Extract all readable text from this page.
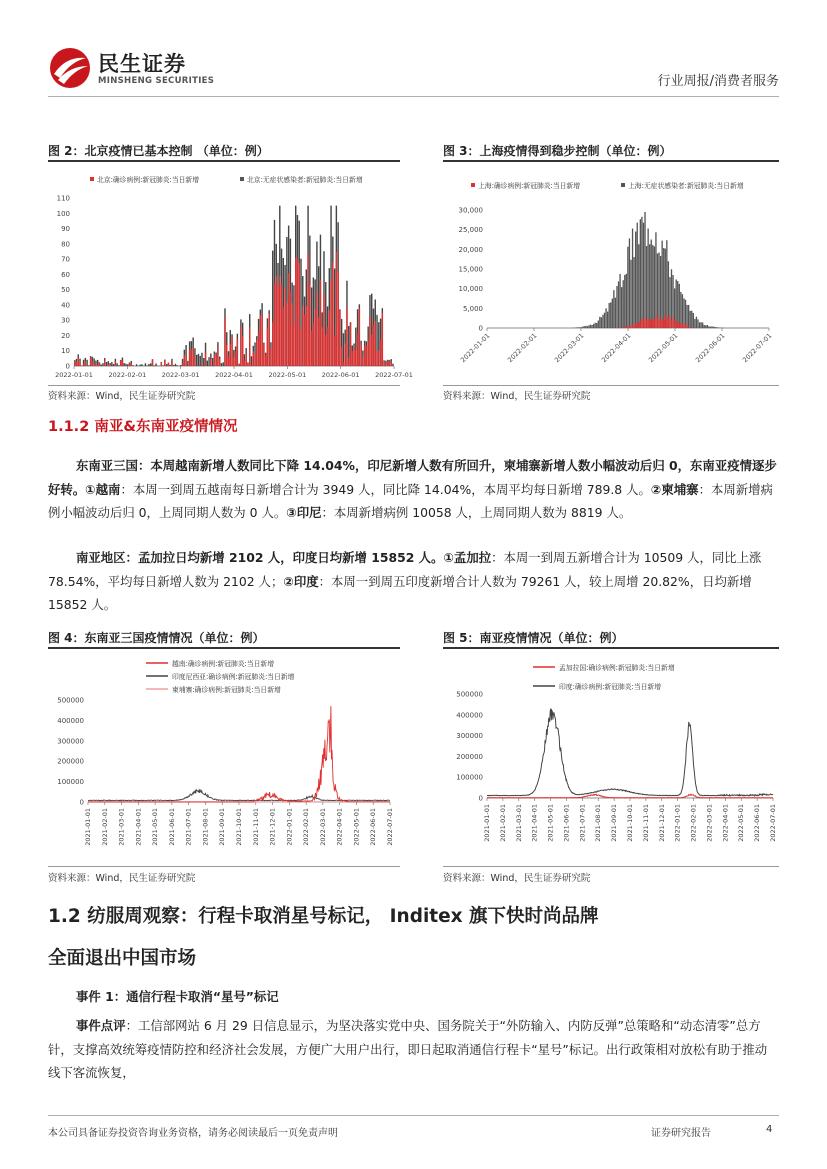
民生证券
MINSHENG SECURITIES	行业周报/消费者服务
图 2：北京疫情已基本控制 （单位：例）
北京:确诊病例:新冠肺炎:当日新增	北京:无症状感染者:新冠肺炎:当日新增
0
10
20
30
40
50
60
70
80
90
100
110
2022-01-01 2022-02-01 2022-03-01 2022-04-01 2022-05-01 2022-06-01 2022-07-01
资料来源：Wind，民生证券研究院
图 3：上海疫情得到稳步控制（单位：例）
上海:确诊病例:新冠肺炎:当日新增	上海:无症状感染者:新冠肺炎:当日新增
0
5,000
10,000
15,000
20,000
25,000
30,000
2022-01-01 2022-02-01 2022-03-01 2022-04-01 2022-05-01 2022-06-01 2022-07-01
资料来源：Wind，民生证券研究院
1.1.2 南亚&东南亚疫情情况
东南亚三国：本周越南新增人数同比下降 14.04%，印尼新增人数有所回升，柬埔寨新增人数小幅波动后归 0，东南亚疫情逐步好转。①越南：本周一到周五越南每日新增合计为 3949 人，同比降 14.04%，本周平均每日新增 789.8 人。②柬埔寨：本周新增病例小幅波动后归 0，上周同期人数为 0 人。③印尼：本周新增病例 10058 人，上周同期人数为 8819 人。
南亚地区：孟加拉日均新增 2102 人，印度日均新增 15852 人。①孟加拉：本周一到周五新增合计为 10509 人，同比上涨 78.54%，平均每日新增人数为 2102 人；②印度：本周一到周五印度新增合计人数为 79261 人，较上周增 20.82%，日均新增 15852 人。
图 4：东南亚三国疫情情况（单位：例）
越南:确诊病例:新冠肺炎:当日新增
印度尼西亚:确诊病例:新冠肺炎:当日新增
柬埔寨:确诊病例:新冠肺炎:当日新增
0
100000
200000
300000
400000
500000
2021-01-01 2021-02-01 2021-03-01 2021-04-01 2021-05-01 2021-06-01 2021-07-01 2021-08-01 2021-09-01 2021-10-01 2021-11-01 2021-12-01 2022-01-01 2022-02-01 2022-03-01 2022-04-01 2022-05-01 2022-06-01 2022-07-01
资料来源：Wind，民生证券研究院
图 5：南亚疫情情况（单位：例）
孟加拉国:确诊病例:新冠肺炎:当日新增
印度:确诊病例:新冠肺炎:当日新增
0
100000
200000
300000
400000
500000
2021-01-01 2021-02-01 2021-03-01 2021-04-01 2021-05-01 2021-06-01 2021-07-01 2021-08-01 2021-09-01 2021-10-01 2021-11-01 2021-12-01 2022-01-01 2022-02-01 2022-03-01 2022-04-01 2022-05-01 2022-06-01 2022-07-01
资料来源：Wind，民生证券研究院
1.2 纺服周观察：行程卡取消星号标记， Inditex 旗下快时尚品牌
全面退出中国市场
事件 1：通信行程卡取消“星号”标记
事件点评：工信部网站 6 月 29 日信息显示，为坚决落实党中央、国务院关于“外防输入、内防反弹”总策略和“动态清零”总方针，支撑高效统筹疫情防控和经济社会发展，方便广大用户出行，即日起取消通信行程卡“星号”标记。出行政策相对放松有助于推动线下客流恢复，
本公司具备证券投资咨询业务资格，请务必阅读最后一页免责声明	证券研究报告	4
